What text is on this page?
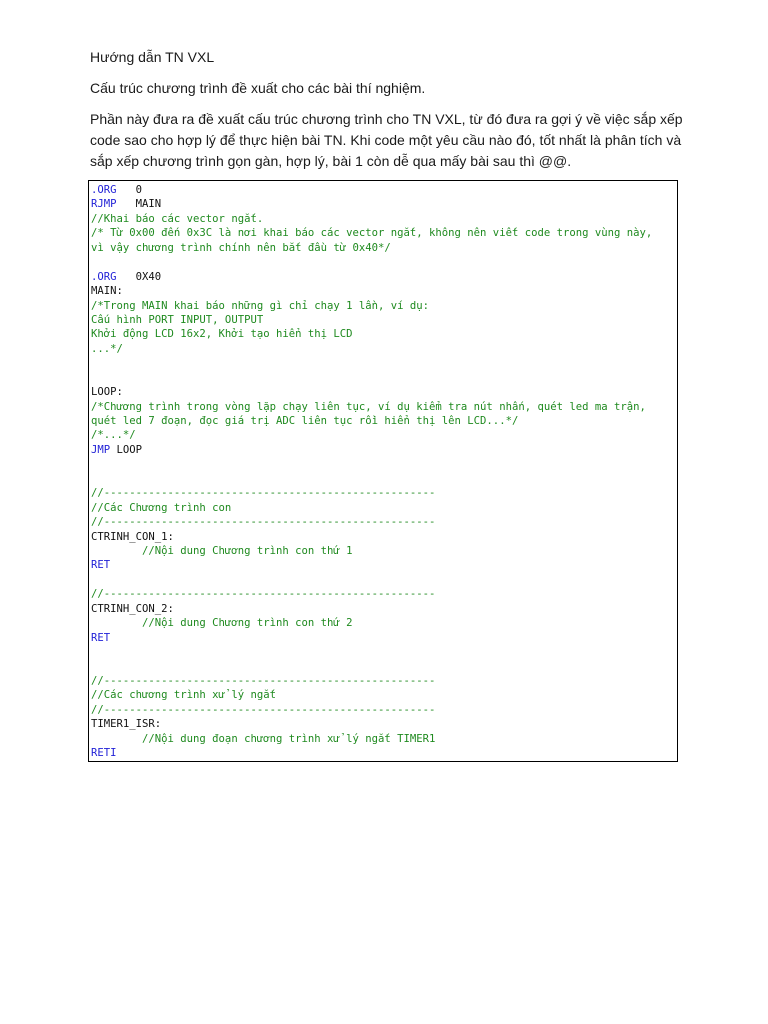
Hướng dẫn TN VXL

Cấu trúc chương trình đề xuất cho các bài thí nghiệm.

Phần này đưa ra đề xuất cấu trúc chương trình cho TN VXL, từ đó đưa ra gợi ý về việc sắp xếp code sao cho hợp lý để thực hiện bài TN. Khi code một yêu cầu nào đó, tốt nhất là phân tích và sắp xếp chương trình gọn gàn, hợp lý, bài 1 còn dễ qua mấy bài sau thì @@.

.ORG   0
RJMP   MAIN
//Khai báo các vector ngắt.
/* Từ 0x00 đến 0x3C là nơi khai báo các vector ngắt, không nên viết code trong vùng này,
vì vậy chương trình chính nên bắt đầu từ 0x40*/

.ORG   0X40
MAIN:
/*Trong MAIN khai báo những gì chỉ chạy 1 lần, ví dụ:
Cấu hình PORT INPUT, OUTPUT
Khởi động LCD 16x2, Khởi tạo hiển thị LCD
...*/

LOOP:
/*Chương trình trong vòng lặp chạy liên tục, ví dụ kiểm tra nút nhấn, quét led ma trận,
quét led 7 đoạn, đọc giá trị ADC liên tục rồi hiển thị lên LCD...*/
/*...*/
JMP LOOP

//----------------------------------------------------
//Các Chương trình con
//----------------------------------------------------
CTRINH_CON_1:
//Nội dung Chương trình con thứ 1
RET

//----------------------------------------------------
CTRINH_CON_2:
//Nội dung Chương trình con thứ 2
RET

//----------------------------------------------------
//Các chương trình xử lý ngắt
//----------------------------------------------------
TIMER1_ISR:
//Nội dung đoạn chương trình xử lý ngắt TIMER1
RETI
